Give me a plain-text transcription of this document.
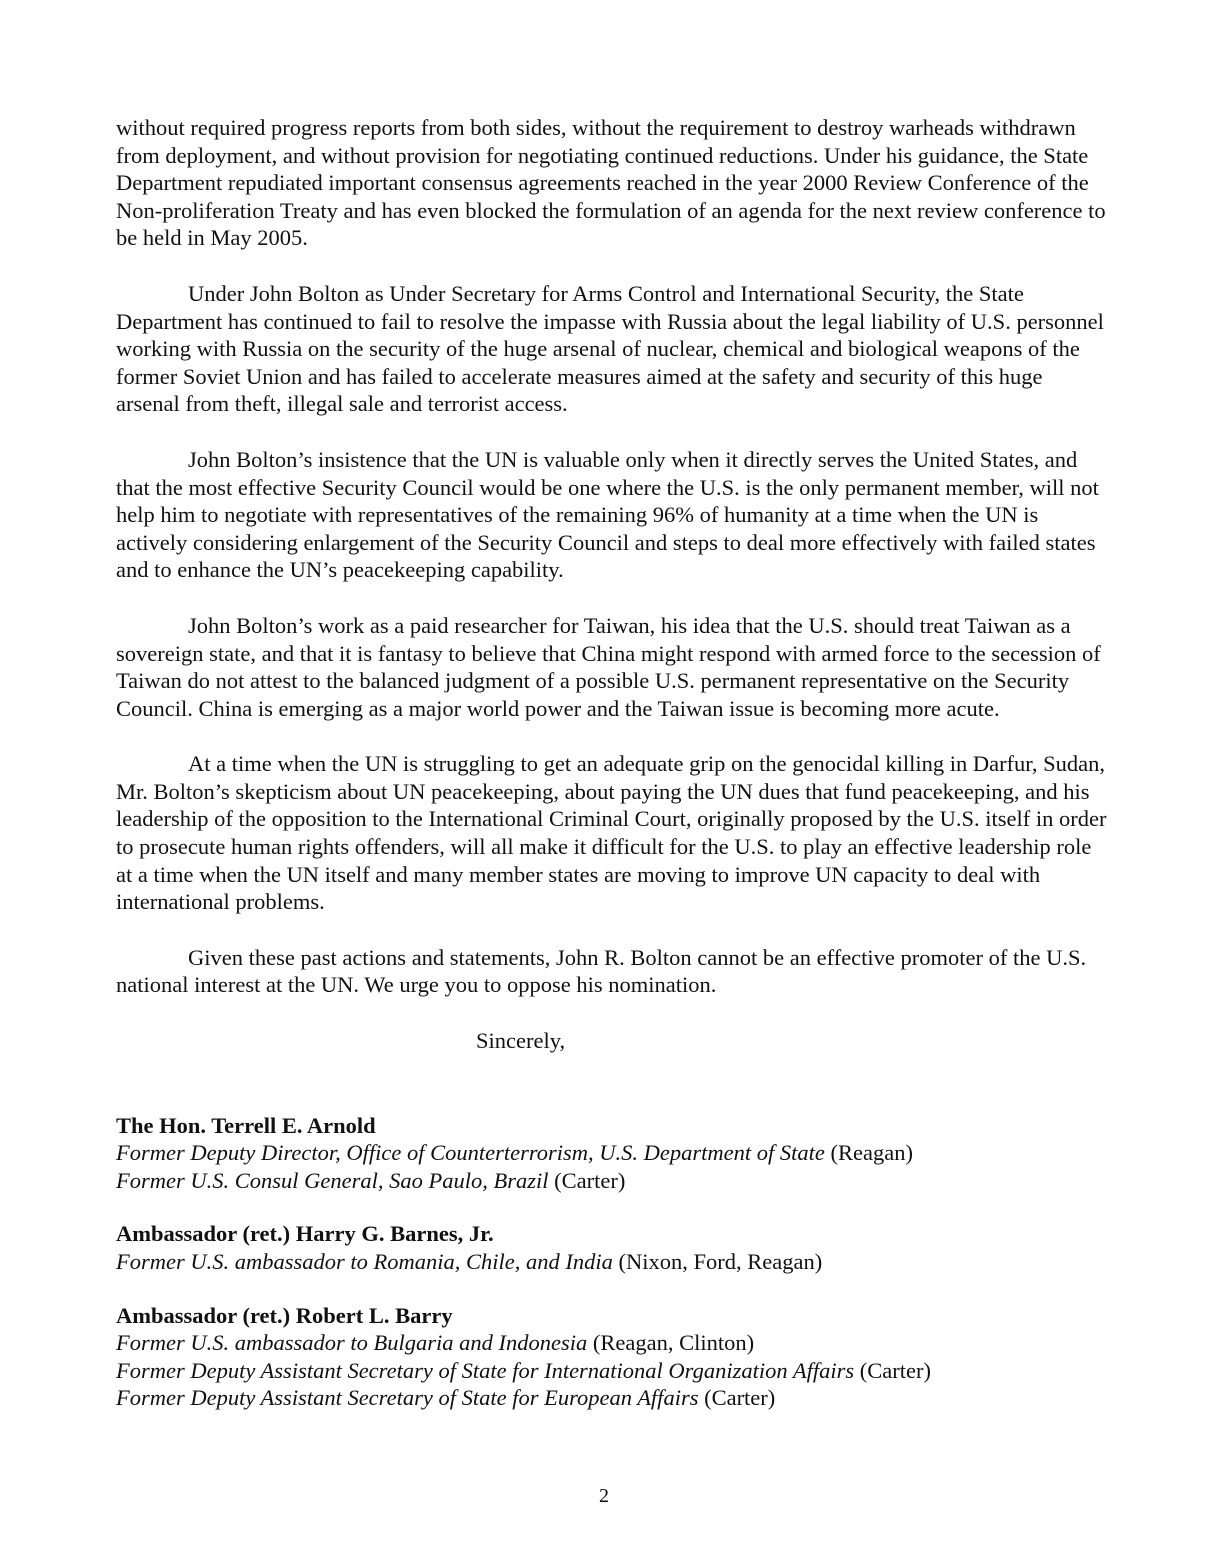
without required progress reports from both sides, without the requirement to destroy warheads withdrawn from deployment, and without provision for negotiating continued reductions. Under his guidance, the State Department repudiated important consensus agreements reached in the year 2000 Review Conference of the Non-proliferation Treaty and has even blocked the formulation of an agenda for the next review conference to be held in May 2005.

Under John Bolton as Under Secretary for Arms Control and International Security, the State Department has continued to fail to resolve the impasse with Russia about the legal liability of U.S. personnel working with Russia on the security of the huge arsenal of nuclear, chemical and biological weapons of the former Soviet Union and has failed to accelerate measures aimed at the safety and security of this huge arsenal from theft, illegal sale and terrorist access.

John Bolton’s insistence that the UN is valuable only when it directly serves the United States, and that the most effective Security Council would be one where the U.S. is the only permanent member, will not help him to negotiate with representatives of the remaining 96% of humanity at a time when the UN is actively considering enlargement of the Security Council and steps to deal more effectively with failed states and to enhance the UN’s peacekeeping capability.

John Bolton’s work as a paid researcher for Taiwan, his idea that the U.S. should treat Taiwan as a sovereign state, and that it is fantasy to believe that China might respond with armed force to the secession of Taiwan do not attest to the balanced judgment of a possible U.S. permanent representative on the Security Council. China is emerging as a major world power and the Taiwan issue is becoming more acute.

At a time when the UN is struggling to get an adequate grip on the genocidal killing in Darfur, Sudan, Mr. Bolton’s skepticism about UN peacekeeping, about paying the UN dues that fund peacekeeping, and his leadership of the opposition to the International Criminal Court, originally proposed by the U.S. itself in order to prosecute human rights offenders, will all make it difficult for the U.S. to play an effective leadership role at a time when the UN itself and many member states are moving to improve UN capacity to deal with international problems.

Given these past actions and statements, John R. Bolton cannot be an effective promoter of the U.S. national interest at the UN. We urge you to oppose his nomination.

Sincerely,
The Hon. Terrell E. Arnold
Former Deputy Director, Office of Counterterrorism, U.S. Department of State (Reagan)
Former U.S. Consul General, Sao Paulo, Brazil (Carter)
Ambassador (ret.) Harry G. Barnes, Jr.
Former U.S. ambassador to Romania, Chile, and India (Nixon, Ford, Reagan)
Ambassador (ret.) Robert L. Barry
Former U.S. ambassador to Bulgaria and Indonesia (Reagan, Clinton)
Former Deputy Assistant Secretary of State for International Organization Affairs (Carter)
Former Deputy Assistant Secretary of State for European Affairs (Carter)
2
